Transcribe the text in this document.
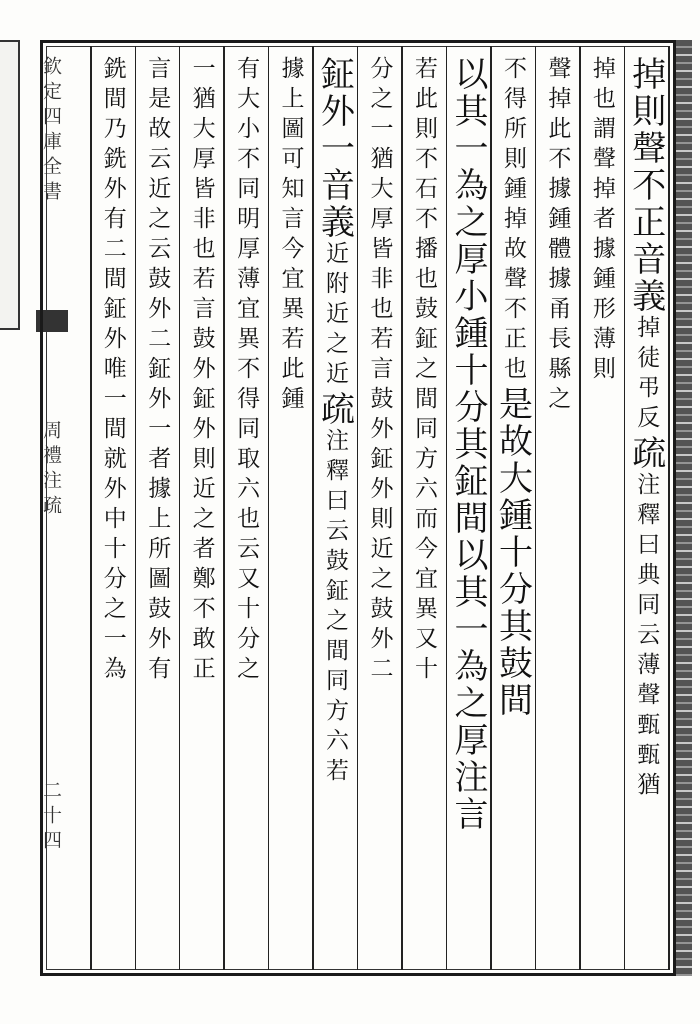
欽定四庫全書
周禮注疏
二十四
掉則聲不正音義
掉徒弔反
疏
注釋曰典同云薄聲甄甄猶
掉也謂聲掉者據鍾形薄則
聲掉此不據鍾體據甬長縣之
不得所則鍾掉故聲不正也
是故大鍾十分其鼓間
以其一為之厚小鍾十分其鉦間以其一為之厚注言
若此則不石不播也鼓鉦之間同方六而今宜異又十
分之一猶大厚皆非也若言鼓外鉦外則近之鼓外二
鉦外一音義
近附近之近
疏
注釋曰云鼓鉦之間同方六若
據上圖可知言今宜異若此鍾
有大小不同明厚薄宜異不得同取六也云又十分之
一猶大厚皆非也若言鼓外鉦外則近之者鄭不敢正
言是故云近之云鼓外二鉦外一者據上所圖鼓外有
銑間乃銑外有二間鉦外唯一間就外中十分之一為
